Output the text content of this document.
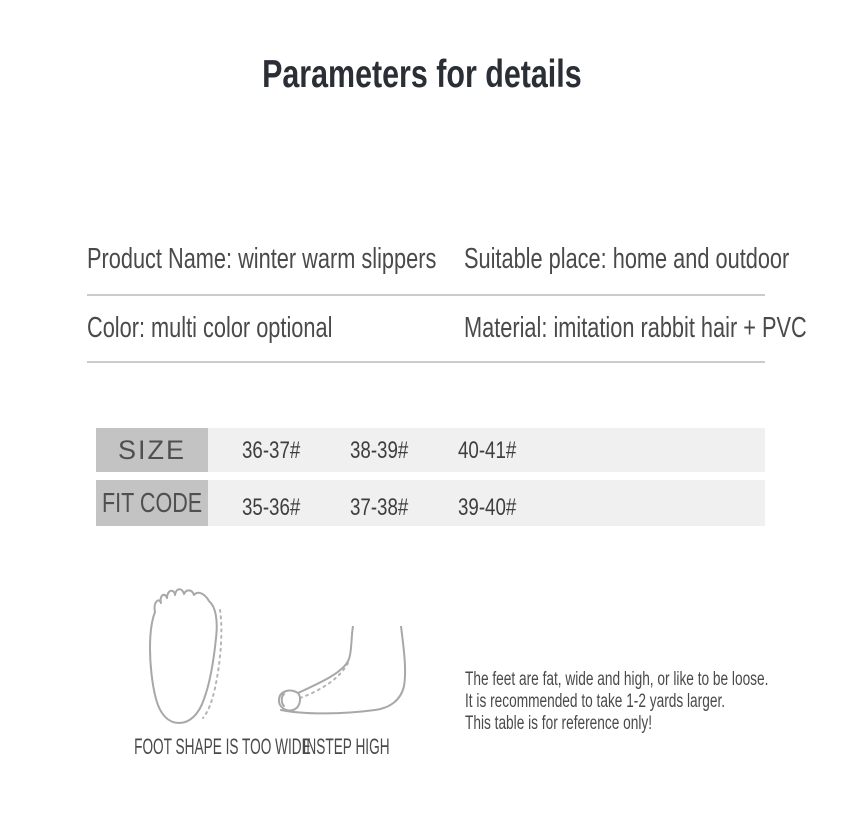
Parameters for details
Product Name: winter warm slippers Suitable place: home and outdoor
Color: multi color optional	Material: imitation rabbit hair + PVC
SIZE 36-37# 38-39# 40-41#
FIT CODE 35-36# 37-38# 39-40#
FOOT SHAPE IS TOO WIDE
INSTEP HIGH
The feet are fat, wide and high, or like to be loose.
It is recommended to take 1-2 yards larger.
This table is for reference only!
